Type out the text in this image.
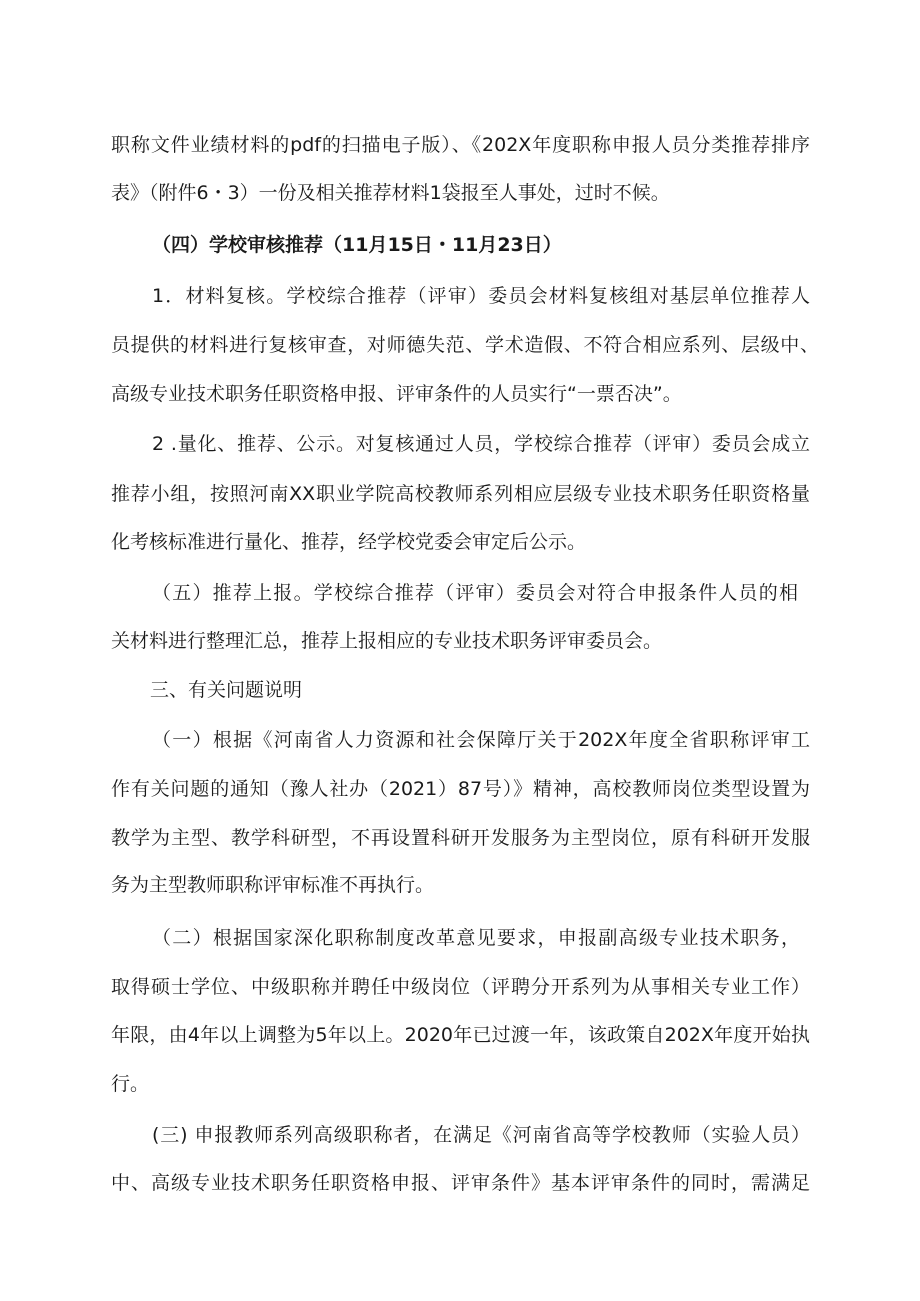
职称文件业绩材料的pdf的扫描电子版）、《202X年度职称申报人员分类推荐排序

表》（附件6・3）一份及相关推荐材料1袋报至人事处，过时不候。

（四）学校审核推荐（11月15日・11月23日）

1．材料复核。学校综合推荐（评审）委员会材料复核组对基层单位推荐人

员提供的材料进行复核审查，对师德失范、学术造假、不符合相应系列、层级中、

高级专业技术职务任职资格申报、评审条件的人员实行“一票否决”。

2 .量化、推荐、公示。对复核通过人员，学校综合推荐（评审）委员会成立

推荐小组，按照河南XX职业学院高校教师系列相应层级专业技术职务任职资格量

化考核标准进行量化、推荐，经学校党委会审定后公示。

（五）推荐上报。学校综合推荐（评审）委员会对符合申报条件人员的相

关材料进行整理汇总，推荐上报相应的专业技术职务评审委员会。

三、有关问题说明

（一）根据《河南省人力资源和社会保障厅关于202X年度全省职称评审工

作有关问题的通知（豫人社办（2021）87号）》精神，高校教师岗位类型设置为

教学为主型、教学科研型，不再设置科研开发服务为主型岗位，原有科研开发服

务为主型教师职称评审标准不再执行。

（二）根据国家深化职称制度改革意见要求，申报副高级专业技术职务，

取得硕士学位、中级职称并聘任中级岗位（评聘分开系列为从事相关专业工作）

年限，由4年以上调整为5年以上。2020年已过渡一年，该政策自202X年度开始执

行。

(三) 申报教师系列高级职称者，在满足《河南省高等学校教师（实验人员）

中、高级专业技术职务任职资格申报、评审条件》基本评审条件的同时，需满足
